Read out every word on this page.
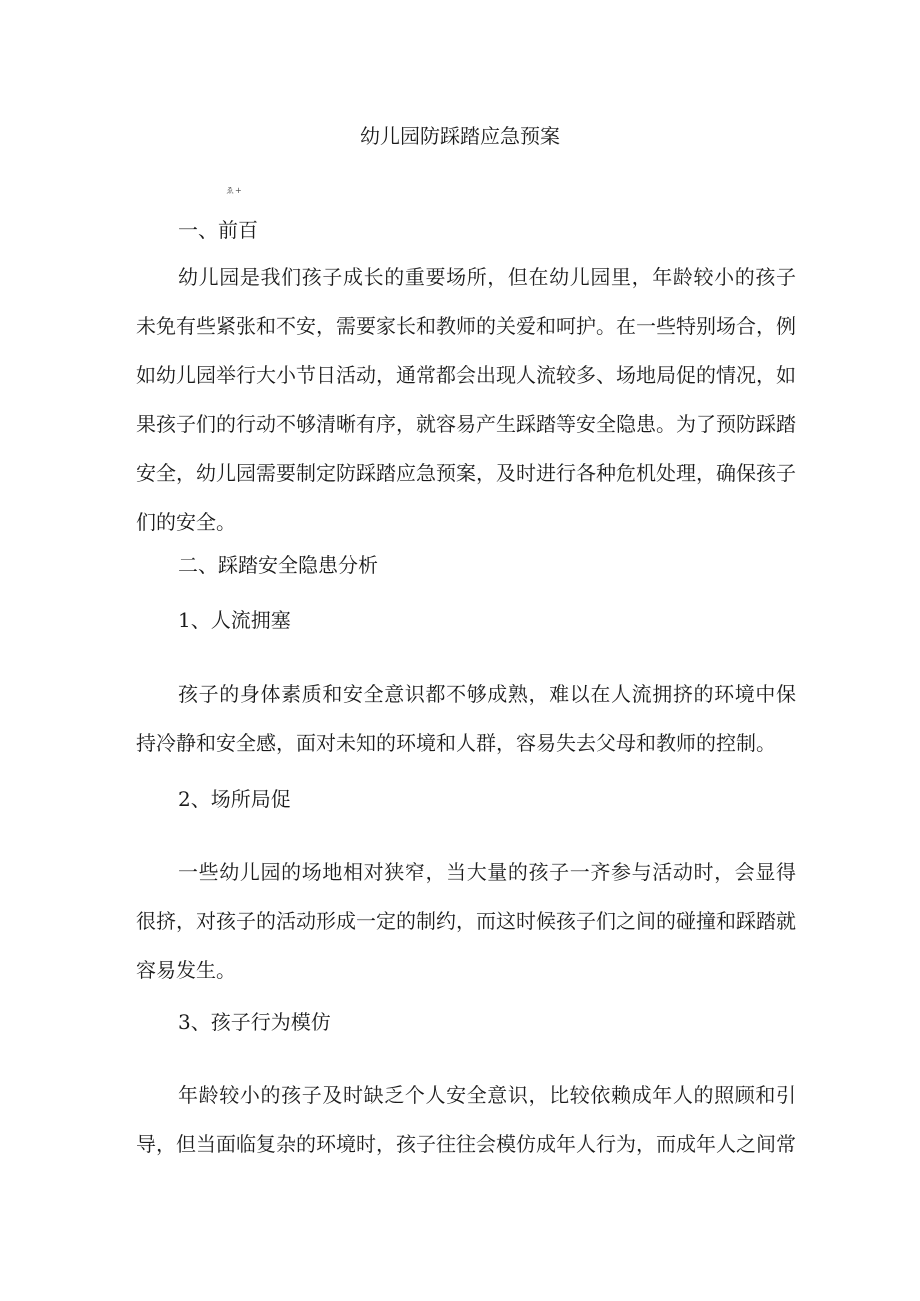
幼儿园防踩踏应急预案
ゑ+

一、前百

幼儿园是我们孩子成长的重要场所，但在幼儿园里，年龄较小的孩子未免有些紧张和不安，需要家长和教师的关爱和呵护。在一些特别场合，例如幼儿园举行大小节日活动，通常都会出现人流较多、场地局促的情况，如果孩子们的行动不够清晰有序，就容易产生踩踏等安全隐患。为了预防踩踏安全，幼儿园需要制定防踩踏应急预案，及时进行各种危机处理，确保孩子们的安全。

二、踩踏安全隐患分析

1、人流拥塞

孩子的身体素质和安全意识都不够成熟，难以在人流拥挤的环境中保持冷静和安全感，面对未知的环境和人群，容易失去父母和教师的控制。

2、场所局促

一些幼儿园的场地相对狭窄，当大量的孩子一齐参与活动时，会显得很挤，对孩子的活动形成一定的制约，而这时候孩子们之间的碰撞和踩踏就容易发生。

3、孩子行为模仿

年龄较小的孩子及时缺乏个人安全意识，比较依赖成年人的照顾和引导，但当面临复杂的环境时，孩子往往会模仿成年人行为，而成年人之间常
